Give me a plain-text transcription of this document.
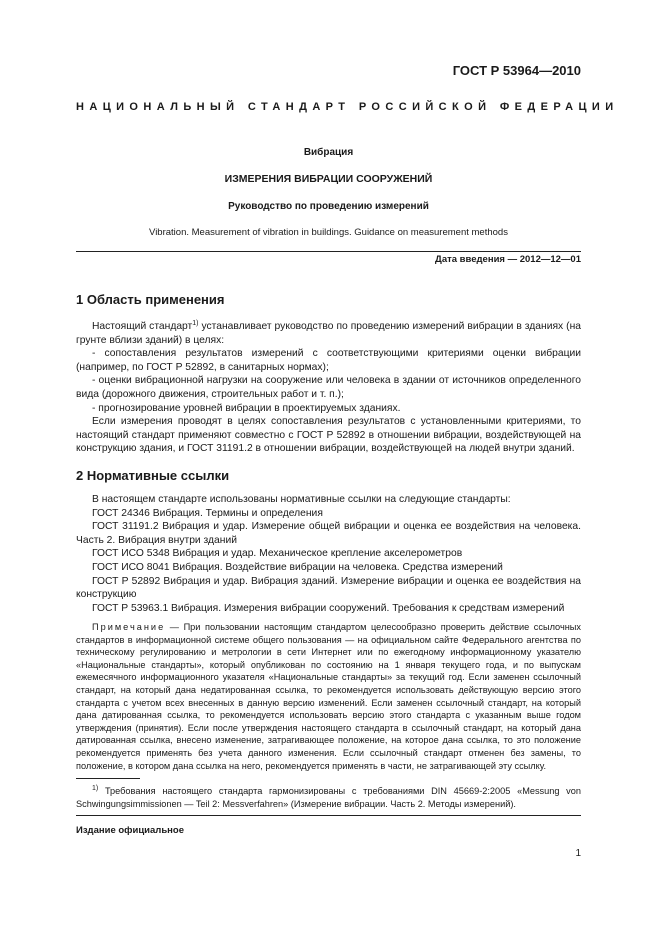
ГОСТ Р 53964—2010
НАЦИОНАЛЬНЫЙ СТАНДАРТ РОССИЙСКОЙ ФЕДЕРАЦИИ
Вибрация
ИЗМЕРЕНИЯ ВИБРАЦИИ СООРУЖЕНИЙ
Руководство по проведению измерений
Vibration. Measurement of vibration in buildings. Guidance on measurement methods
Дата введения — 2012—12—01
1 Область применения

Настоящий стандарт$^{1)}$ устанавливает руководство по проведению измерений вибрации в зданиях (на грунте вблизи зданий) в целях:

- сопоставления результатов измерений с соответствующими критериями оценки вибрации (например, по ГОСТ Р 52892, в санитарных нормах);

- оценки вибрационной нагрузки на сооружение или человека в здании от источников определенного вида (дорожного движения, строительных работ и т. п.);

- прогнозирование уровней вибрации в проектируемых зданиях.

Если измерения проводят в целях сопоставления результатов с установленными критериями, то настоящий стандарт применяют совместно с ГОСТ Р 52892 в отношении вибрации, воздействующей на конструкцию здания, и ГОСТ 31191.2 в отношении вибрации, воздействующей на людей внутри зданий.

2 Нормативные ссылки

В настоящем стандарте использованы нормативные ссылки на следующие стандарты:

ГОСТ 24346 Вибрация. Термины и определения

ГОСТ 31191.2 Вибрация и удар. Измерение общей вибрации и оценка ее воздействия на человека. Часть 2. Вибрация внутри зданий

ГОСТ ИСО 5348 Вибрация и удар. Механическое крепление акселерометров

ГОСТ ИСО 8041 Вибрация. Воздействие вибрации на человека. Средства измерений

ГОСТ Р 52892 Вибрация и удар. Вибрация зданий. Измерение вибрации и оценка ее воздействия на конструкцию

ГОСТ Р 53963.1 Вибрация. Измерения вибрации сооружений. Требования к средствам измерений

Примечание — При пользовании настоящим стандартом целесообразно проверить действие ссылочных стандартов в информационной системе общего пользования — на официальном сайте Федерального агентства по техническому регулированию и метрологии в сети Интернет или по ежегодному информационному указателю «Национальные стандарты», который опубликован по состоянию на 1 января текущего года, и по выпускам ежемесячного информационного указателя «Национальные стандарты» за текущий год. Если заменен ссылочный стандарт, на который дана недатированная ссылка, то рекомендуется использовать действующую версию этого стандарта с учетом всех внесенных в данную версию изменений. Если заменен ссылочный стандарт, на который дана датированная ссылка, то рекомендуется использовать версию этого стандарта с указанным выше годом утверждения (принятия). Если после утверждения настоящего стандарта в ссылочный стандарт, на который дана датированная ссылка, внесено изменение, затрагивающее положение, на которое дана ссылка, то это положение рекомендуется применять без учета данного изменения. Если ссылочный стандарт отменен без замены, то положение, в котором дана ссылка на него, рекомендуется применять в части, не затрагивающей эту ссылку.

$^{1)}$ Требования настоящего стандарта гармонизированы с требованиями DIN 45669-2:2005 «Messung von Schwingungsimmissionen — Teil 2: Messverfahren» (Измерение вибрации. Часть 2. Методы измерений).

Издание официальное
1
